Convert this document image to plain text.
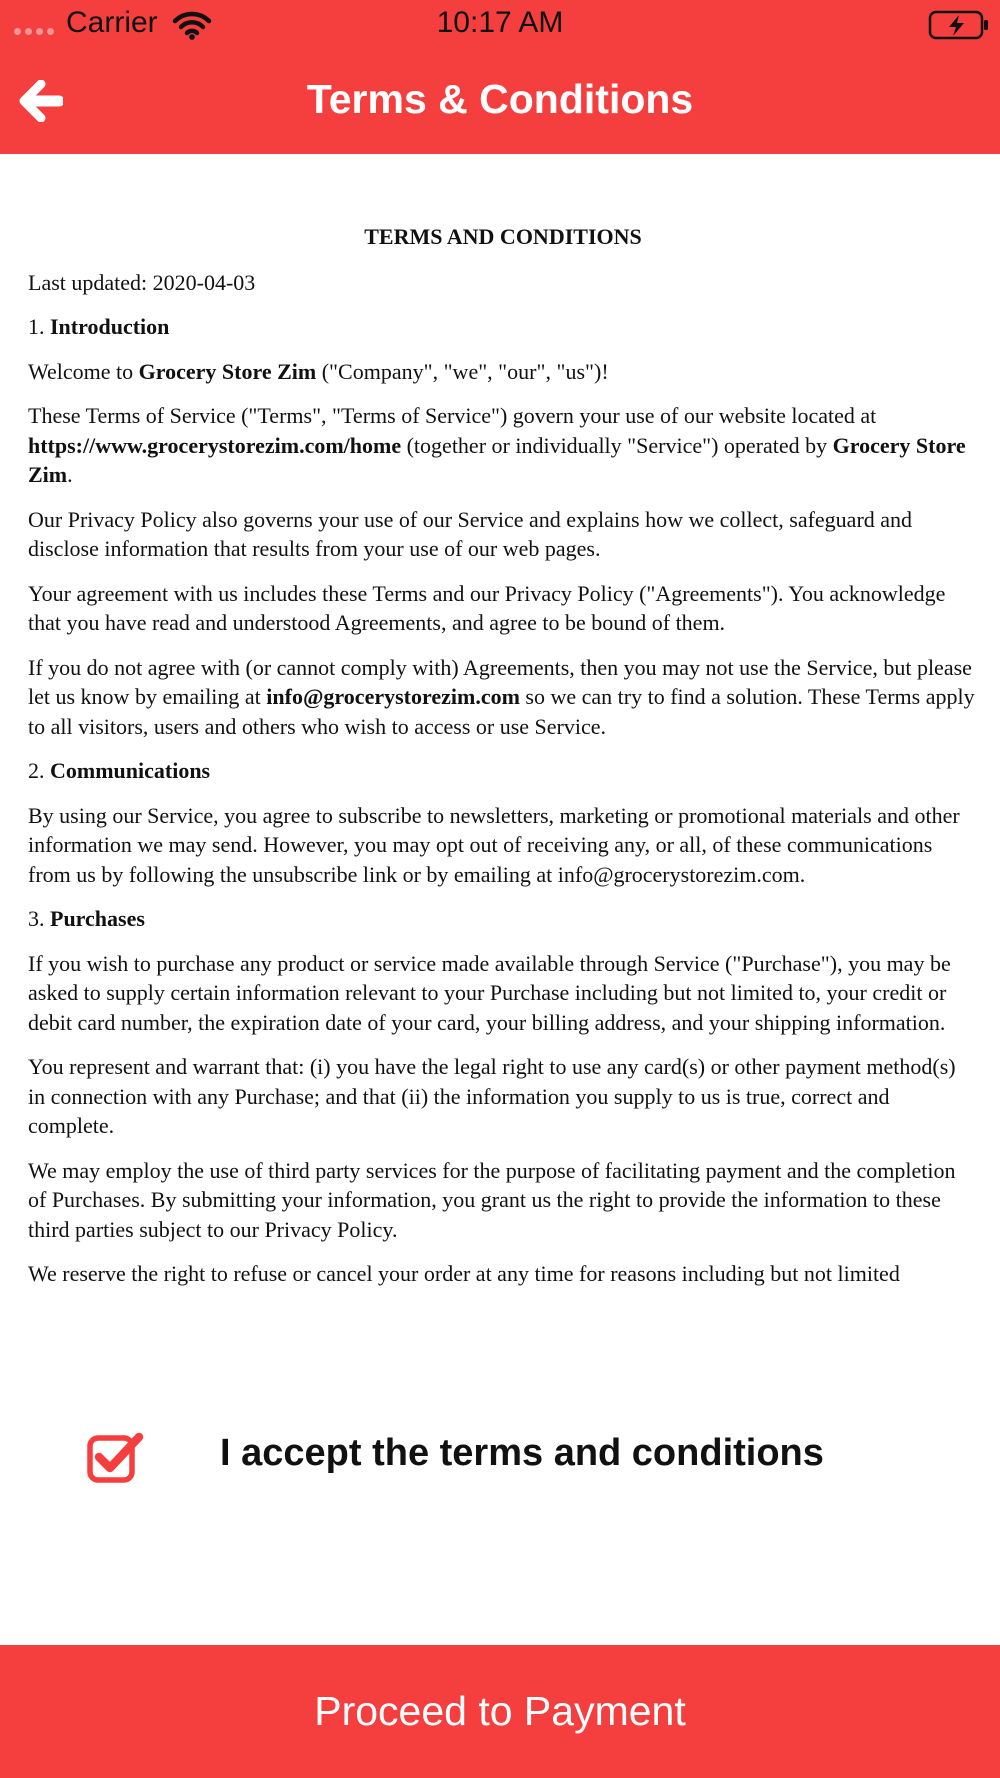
Carrier	10:17 AM
Terms & Conditions
TERMS AND CONDITIONS

Last updated: 2020-04-03

1. Introduction

Welcome to Grocery Store Zim ("Company", "we", "our", "us")!

These Terms of Service ("Terms", "Terms of Service") govern your use of our website located at https://www.grocerystorezim.com/home (together or individually "Service") operated by Grocery Store Zim.

Our Privacy Policy also governs your use of our Service and explains how we collect, safeguard and disclose information that results from your use of our web pages.

Your agreement with us includes these Terms and our Privacy Policy ("Agreements"). You acknowledge that you have read and understood Agreements, and agree to be bound of them.

If you do not agree with (or cannot comply with) Agreements, then you may not use the Service, but please let us know by emailing at info@grocerystorezim.com so we can try to find a solution. These Terms apply to all visitors, users and others who wish to access or use Service.

2. Communications

By using our Service, you agree to subscribe to newsletters, marketing or promotional materials and other information we may send. However, you may opt out of receiving any, or all, of these communications from us by following the unsubscribe link or by emailing at info@grocerystorezim.com.

3. Purchases

If you wish to purchase any product or service made available through Service ("Purchase"), you may be asked to supply certain information relevant to your Purchase including but not limited to, your credit or debit card number, the expiration date of your card, your billing address, and your shipping information.

You represent and warrant that: (i) you have the legal right to use any card(s) or other payment method(s) in connection with any Purchase; and that (ii) the information you supply to us is true, correct and complete.

We may employ the use of third party services for the purpose of facilitating payment and the completion of Purchases. By submitting your information, you grant us the right to provide the information to these third parties subject to our Privacy Policy.

We reserve the right to refuse or cancel your order at any time for reasons including but not limited

I accept the terms and conditions
Proceed to Payment
